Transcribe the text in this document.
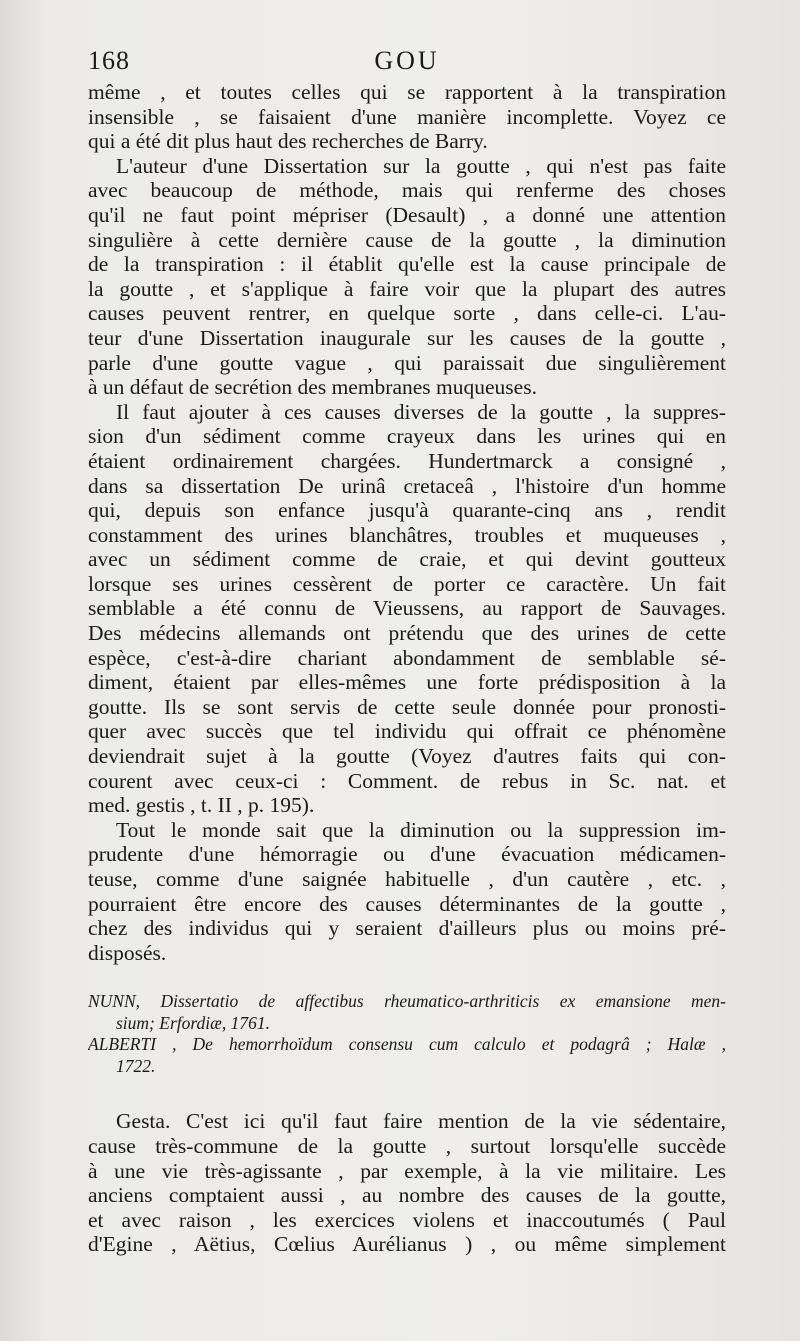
168	GOU
même , et toutes celles qui se rapportent à la transpiration
insensible , se faisaient d'une manière incomplette. Voyez ce
qui a été dit plus haut des recherches de Barry.
L'auteur d'une Dissertation sur la goutte , qui n'est pas faite
avec beaucoup de méthode, mais qui renferme des choses
qu'il ne faut point mépriser (Desault) , a donné une attention
singulière à cette dernière cause de la goutte , la diminution
de la transpiration : il établit qu'elle est la cause principale de
la goutte , et s'applique à faire voir que la plupart des autres
causes peuvent rentrer, en quelque sorte , dans celle-ci. L'au-
teur d'une Dissertation inaugurale sur les causes de la goutte ,
parle d'une goutte vague , qui paraissait due singulièrement
à un défaut de secrétion des membranes muqueuses.
Il faut ajouter à ces causes diverses de la goutte , la suppres-
sion d'un sédiment comme crayeux dans les urines qui en
étaient ordinairement chargées. Hundertmarck a consigné ,
dans sa dissertation De urinâ cretaceâ , l'histoire d'un homme
qui, depuis son enfance jusqu'à quarante-cinq ans , rendit
constamment des urines blanchâtres, troubles et muqueuses ,
avec un sédiment comme de craie, et qui devint goutteux
lorsque ses urines cessèrent de porter ce caractère. Un fait
semblable a été connu de Vieussens, au rapport de Sauvages.
Des médecins allemands ont prétendu que des urines de cette
espèce, c'est-à-dire chariant abondamment de semblable sé-
diment, étaient par elles-mêmes une forte prédisposition à la
goutte. Ils se sont servis de cette seule donnée pour pronosti-
quer avec succès que tel individu qui offrait ce phénomène
deviendrait sujet à la goutte (Voyez d'autres faits qui con-
courent avec ceux-ci : Comment. de rebus in Sc. nat. et
med. gestis , t. II , p. 195).
Tout le monde sait que la diminution ou la suppression im-
prudente d'une hémorragie ou d'une évacuation médicamen-
teuse, comme d'une saignée habituelle , d'un cautère , etc. ,
pourraient être encore des causes déterminantes de la goutte ,
chez des individus qui y seraient d'ailleurs plus ou moins pré-
disposés.
NUNN, Dissertatio de affectibus rheumatico-arthriticis ex emansione men-
sium; Erfordiæ, 1761.
ALBERTI , De hemorrhoïdum consensu cum calculo et podagrâ ; Halæ ,
1722.
Gesta. C'est ici qu'il faut faire mention de la vie sédentaire,
cause très-commune de la goutte , surtout lorsqu'elle succède
à une vie très-agissante , par exemple, à la vie militaire. Les
anciens comptaient aussi , au nombre des causes de la goutte,
et avec raison , les exercices violens et inaccoutumés ( Paul
d'Egine , Aëtius, Cœlius Aurélianus ) , ou même simplement
